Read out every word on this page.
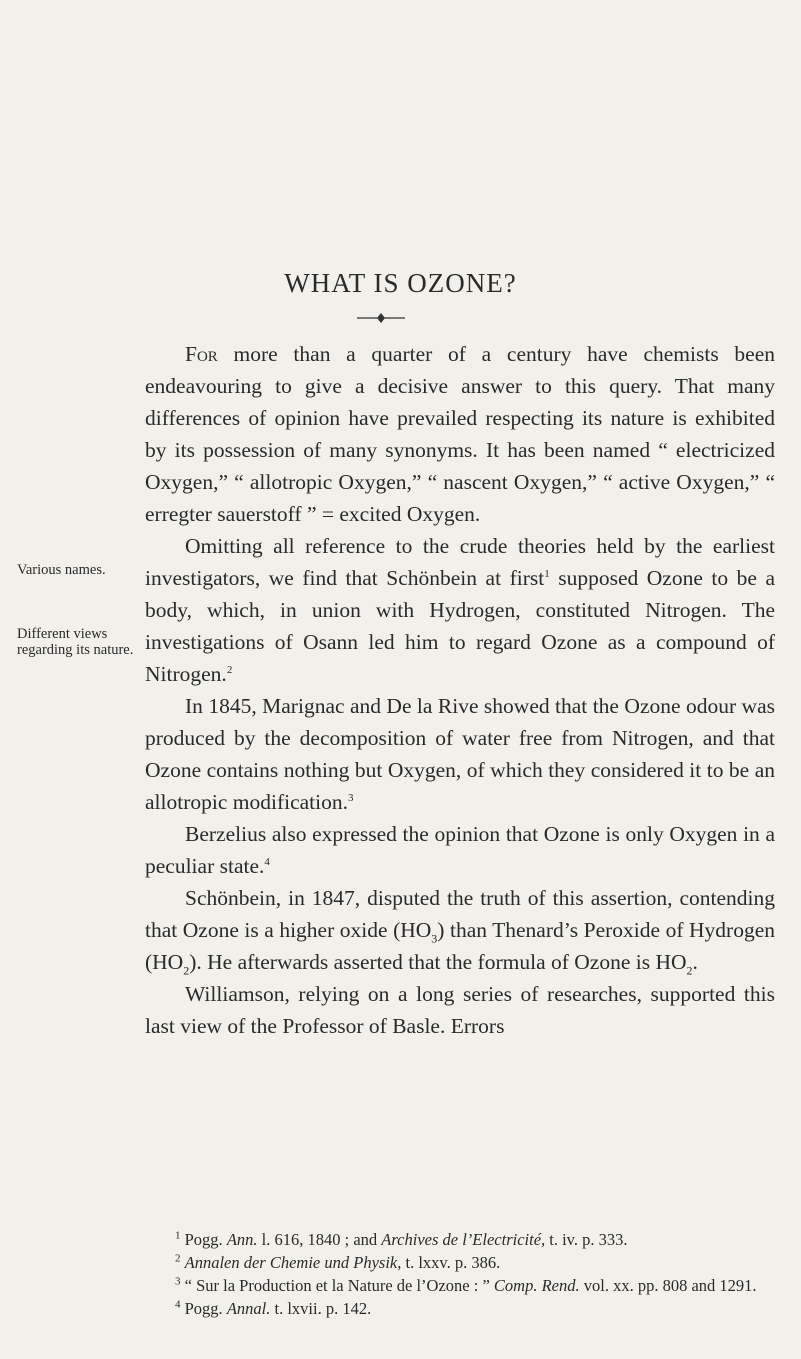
WHAT IS OZONE?
Various names.
Different views regarding its nature.

For more than a quarter of a century have chemists been endeavouring to give a decisive answer to this query. That many differences of opinion have prevailed respecting its nature is exhibited by its possession of many synonyms. It has been named “ electricized Oxygen,” “ allotropic Oxygen,” “ nascent Oxygen,” “ active Oxygen,” “ erregter sauerstoff ” = excited Oxygen.

Omitting all reference to the crude theories held by the earliest investigators, we find that Schönbein at first$^1$ supposed Ozone to be a body, which, in union with Hydrogen, constituted Nitrogen. The investigations of Osann led him to regard Ozone as a compound of Nitrogen.$^2$

In 1845, Marignac and De la Rive showed that the Ozone odour was produced by the decomposition of water free from Nitrogen, and that Ozone contains nothing but Oxygen, of which they considered it to be an allotropic modification.$^3$

Berzelius also expressed the opinion that Ozone is only Oxygen in a peculiar state.$^4$

Schönbein, in 1847, disputed the truth of this assertion, contending that Ozone is a higher oxide $(HO_3)$ than Thenard’s Peroxide of Hydrogen $(HO_2)$. He afterwards asserted that the formula of Ozone is $HO_2$.

Williamson, relying on a long series of researches, supported this last view of the Professor of Basle. Errors

$^1$ Pogg. Ann. l. 616, 1840 ; and Archives de l’Electricité, t. iv. p. 333.

$^2$ Annalen der Chemie und Physik, t. lxxv. p. 386.

$^3$ “ Sur la Production et la Nature de l’Ozone : ” Comp. Rend. vol. xx. pp. 808 and 1291.

$^4$ Pogg. Annal. t. lxvii. p. 142.
